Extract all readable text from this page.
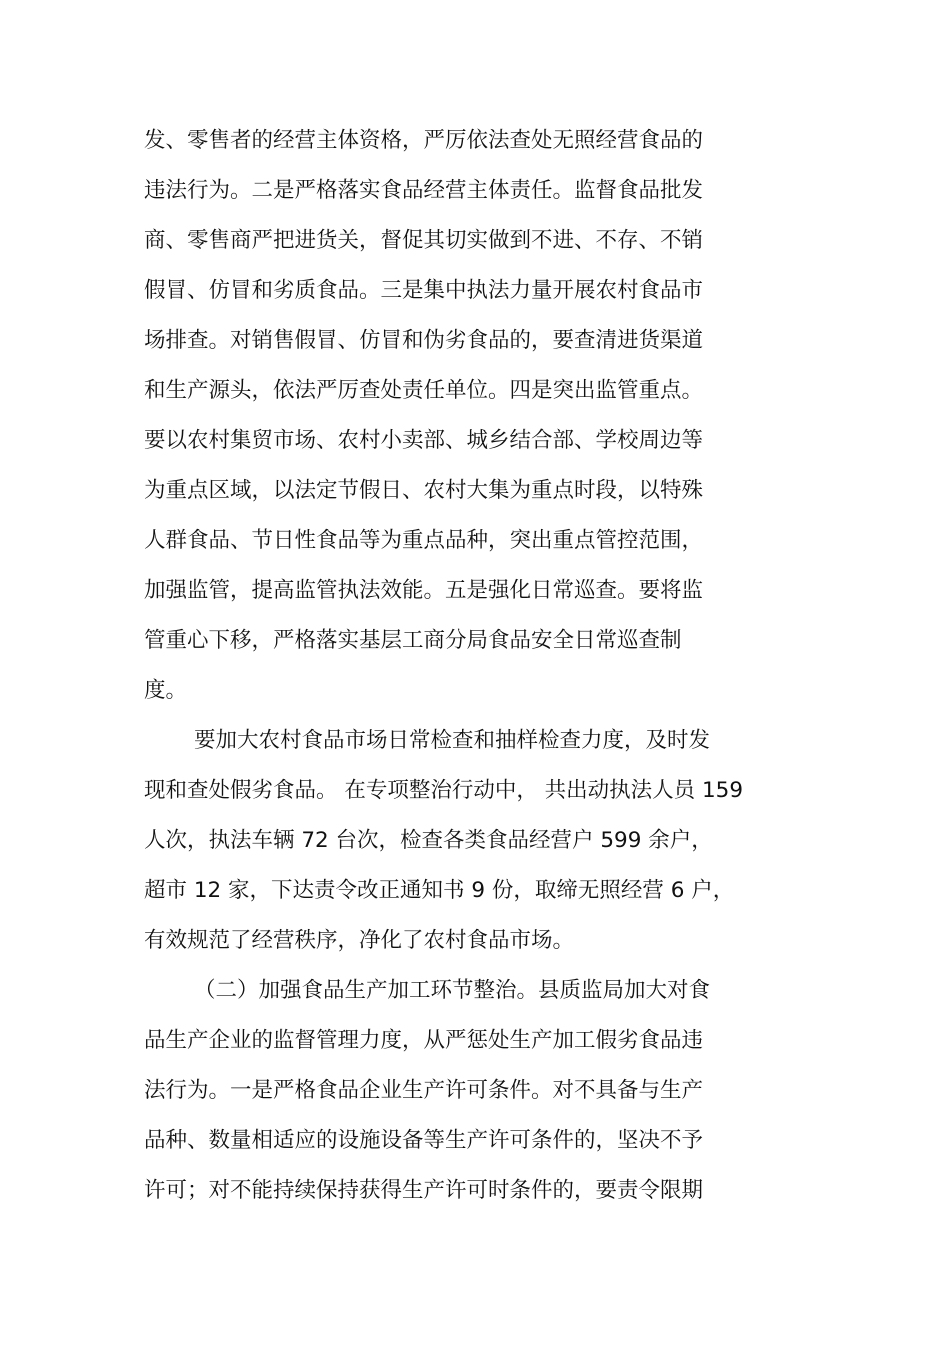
发、零售者的经营主体资格，严厉依法查处无照经营食品的

违法行为。二是严格落实食品经营主体责任。监督食品批发

商、零售商严把进货关，督促其切实做到不进、不存、不销

假冒、仿冒和劣质食品。三是集中执法力量开展农村食品市

场排查。对销售假冒、仿冒和伪劣食品的，要查清进货渠道

和生产源头，依法严厉查处责任单位。四是突出监管重点。

要以农村集贸市场、农村小卖部、城乡结合部、学校周边等

为重点区域，以法定节假日、农村大集为重点时段，以特殊

人群食品、节日性食品等为重点品种，突出重点管控范围，

加强监管，提高监管执法效能。五是强化日常巡查。要将监

管重心下移，严格落实基层工商分局食品安全日常巡查制

度。

要加大农村食品市场日常检查和抽样检查力度，及时发

现和查处假劣食品。 在专项整治行动中， 共出动执法人员 159

人次，执法车辆 72 台次，检查各类食品经营户 599 余户，

超市 12 家，下达责令改正通知书 9 份，取缔无照经营 6 户，

有效规范了经营秩序，净化了农村食品市场。

（二）加强食品生产加工环节整治。县质监局加大对食

品生产企业的监督管理力度，从严惩处生产加工假劣食品违

法行为。一是严格食品企业生产许可条件。对不具备与生产

品种、数量相适应的设施设备等生产许可条件的，坚决不予

许可；对不能持续保持获得生产许可时条件的，要责令限期
